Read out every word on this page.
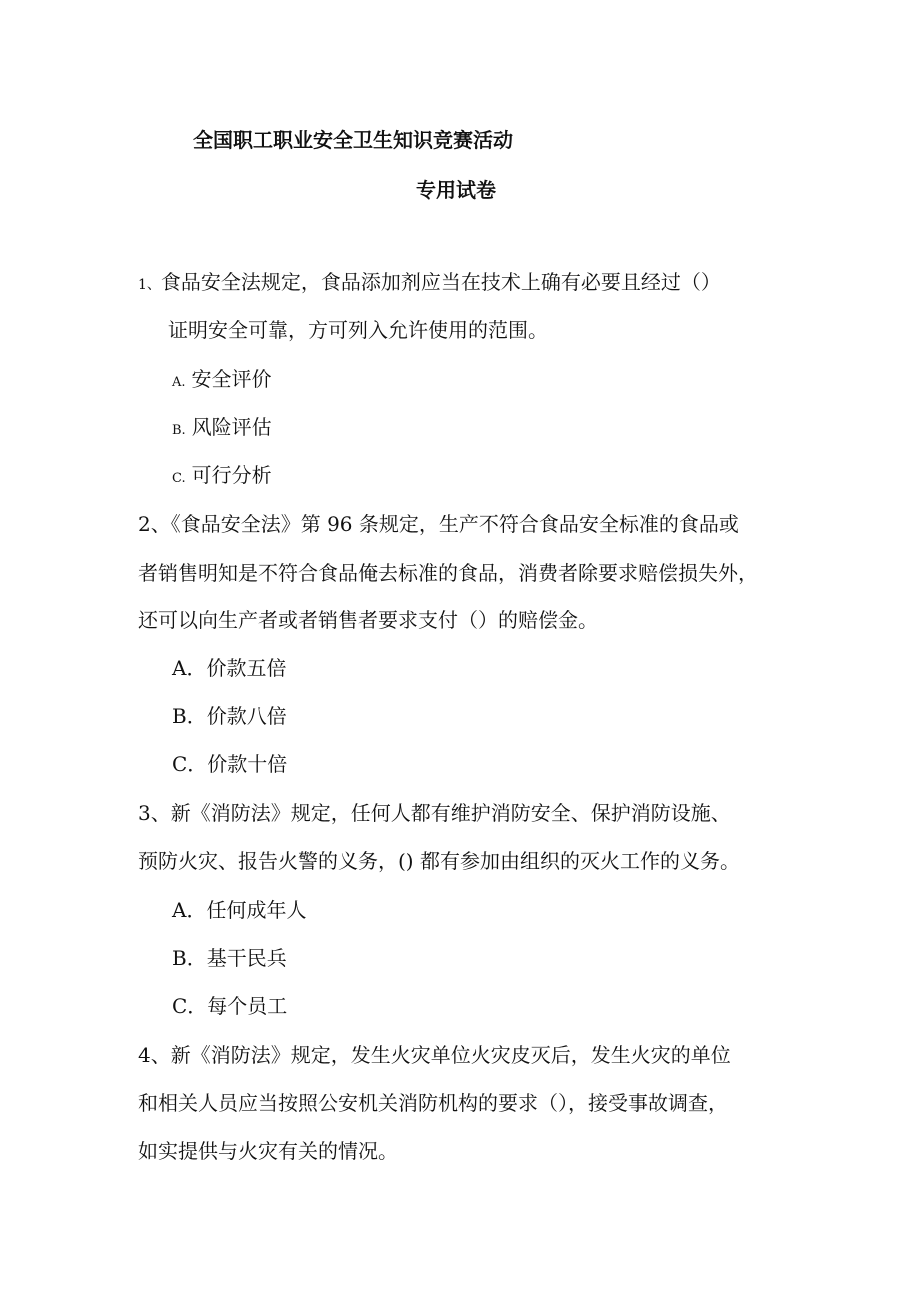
全国职工职业安全卫生知识竞赛活动
专用试卷
1、食品安全法规定，食品添加剂应当在技术上确有必要且经过（）
证明安全可靠，方可列入允许使用的范围。
A. 安全评价
B. 风险评估
C. 可行分析
2、《食品安全法》第 96 条规定，生产不符合食品安全标准的食品或
者销售明知是不符合食品俺去标准的食品，消费者除要求赔偿损失外，
还可以向生产者或者销售者要求支付（）的赔偿金。
A．价款五倍
B．价款八倍
C．价款十倍
3、新《消防法》规定，任何人都有维护消防安全、保护消防设施、
预防火灾、报告火警的义务，() 都有参加由组织的灭火工作的义务。
A．任何成年人
B．基干民兵
C．每个员工
4、新《消防法》规定，发生火灾单位火灾皮灭后，发生火灾的单位
和相关人员应当按照公安机关消防机构的要求（），接受事故调查，
如实提供与火灾有关的情况。
